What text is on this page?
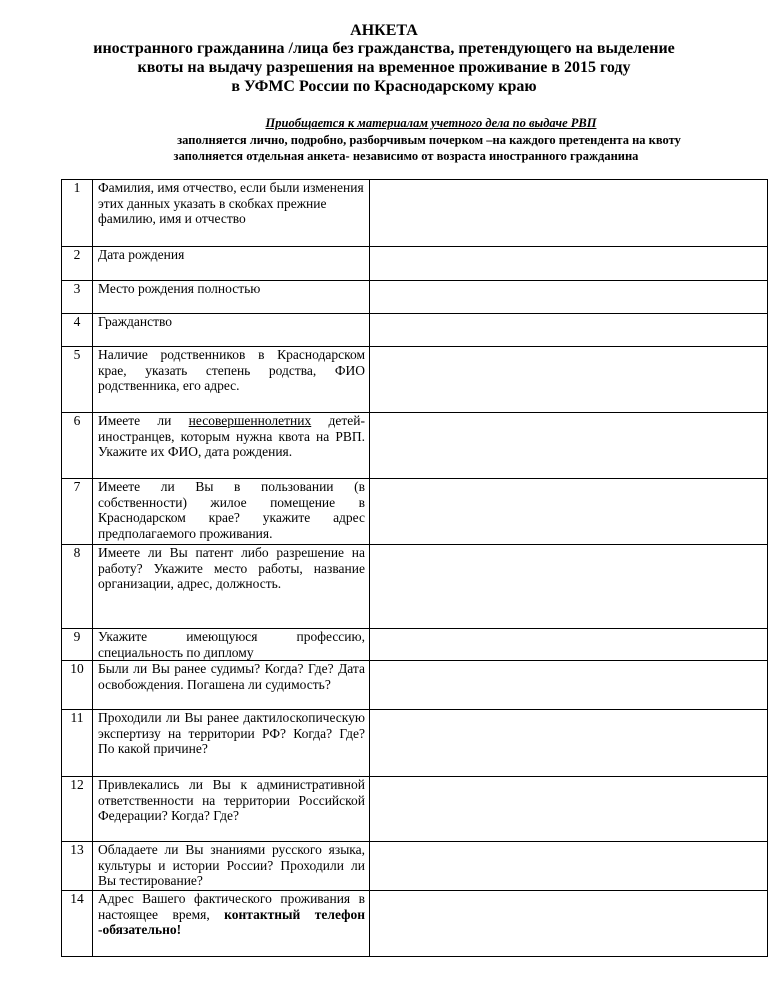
АНКЕТА
иностранного гражданина /лица без гражданства, претендующего на выделение
квоты на выдачу разрешения на временное проживание в 2015 году
в УФМС России по Краснодарскому краю
Приобщается к материалам учетного дела по выдаче РВП
заполняется лично, подробно, разборчивым почерком –на каждого претендента на квоту
заполняется отдельная анкета- независимо от возраста иностранного гражданина
1	Фамилия, имя отчество, если были изменения этих данных указать в скобках прежние фамилию, имя и отчество	
2	Дата рождения	
3	Место рождения полностью	
4	Гражданство	
5	Наличие родственников в Краснодарском крае, указать степень родства, ФИО родственника, его адрес.	
6	Имеете ли несовершеннолетних детей-иностранцев, которым нужна квота на РВП. Укажите их ФИО, дата рождения.	
7	Имеете ли Вы в пользовании (в собственности) жилое помещение в Краснодарском крае? укажите адрес предполагаемого проживания.	
8	Имеете ли Вы патент либо разрешение на работу? Укажите место работы, название организации, адрес, должность.	
9	Укажите имеющуюся профессию, специальность по диплому	
10	Были ли Вы ранее судимы? Когда? Где? Дата освобождения. Погашена ли судимость?	
11	Проходили ли Вы ранее дактилоскопическую экспертизу на территории РФ? Когда? Где? По какой причине?	
12	Привлекались ли Вы к административной ответственности на территории Российской Федерации? Когда? Где?	
13	Обладаете ли Вы знаниями русского языка, культуры и истории России? Проходили ли Вы тестирование?	
14	Адрес Вашего фактического проживания в настоящее время, контактный телефон -обязательно!	
